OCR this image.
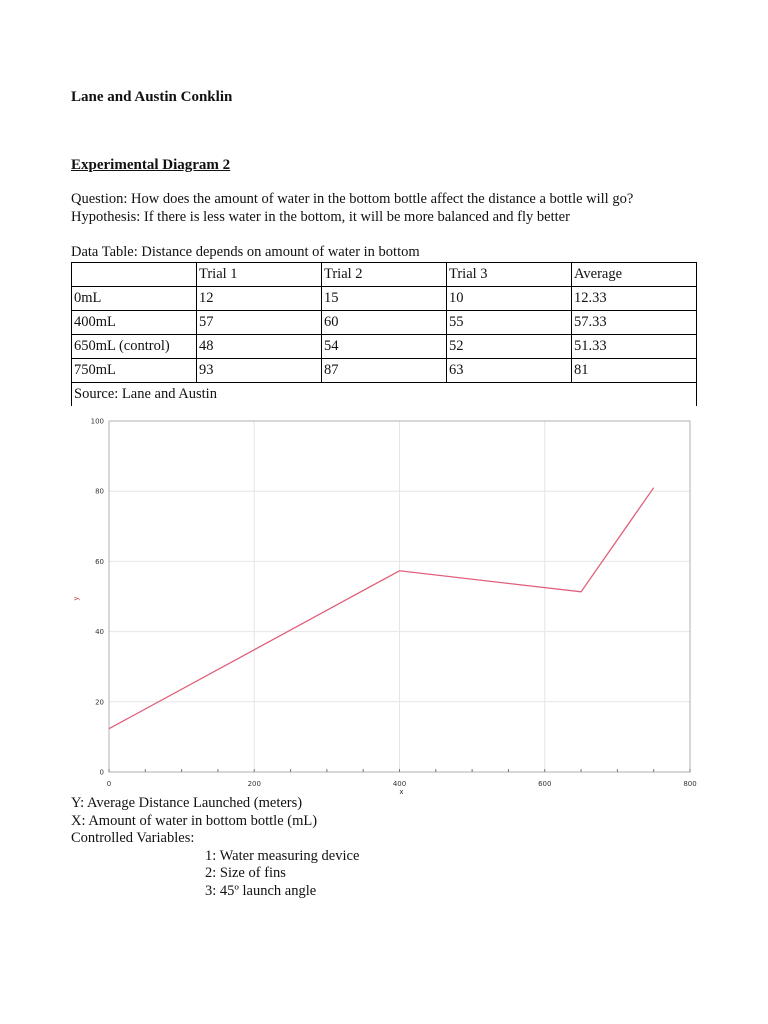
Lane and Austin Conklin

Experimental Diagram 2

Question: How does the amount of water in the bottom bottle affect the distance a bottle will go?

Hypothesis: If there is less water in the bottom, it will be more balanced and fly better

Data Table: Distance depends on amount of water in bottom

	Trial 1	Trial 2	Trial 3	Average
0mL	12	15	10	12.33
400mL	57	60	55	57.33
650mL (control)	48	54	52	51.33
750mL	93	87	63	81
Source: Lane and Austin				
0	200	400	600	800
0
20
40
60
80
100
x
y

Y: Average Distance Launched (meters)

X: Amount of water in bottom bottle (mL)

Controlled Variables:

1: Water measuring device

2: Size of fins

3: 45º launch angle
